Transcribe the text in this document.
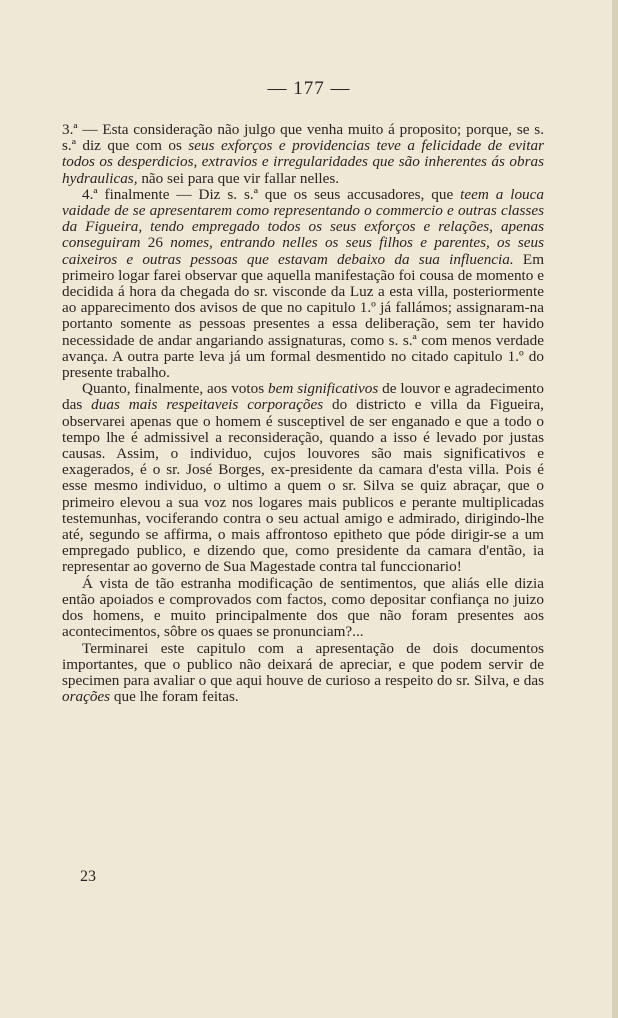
— 177 —

3.ª — Esta consideração não julgo que venha muito á proposito; porque, se s. s.ª diz que com os seus exforços e providencias teve a felicidade de evitar todos os desperdicios, extravios e irregularidades que são inherentes ás obras hydraulicas, não sei para que vir fallar nelles.

4.ª finalmente — Diz s. s.ª que os seus accusadores, que teem a louca vaidade de se apresentarem como representando o commercio e outras classes da Figueira, tendo empregado todos os seus exforços e relações, apenas conseguiram 26 nomes, entrando nelles os seus filhos e parentes, os seus caixeiros e outras pessoas que estavam debaixo da sua influencia. Em primeiro logar farei observar que aquella manifestação foi cousa de momento e decidida á hora da chegada do sr. visconde da Luz a esta villa, posteriormente ao apparecimento dos avisos de que no capitulo 1.º já fallámos; assignaram-na portanto somente as pessoas presentes a essa deliberação, sem ter havido necessidade de andar angariando assignaturas, como s. s.ª com menos verdade avança. A outra parte leva já um formal desmentido no citado capitulo 1.º do presente trabalho.

Quanto, finalmente, aos votos bem significativos de louvor e agradecimento das duas mais respeitaveis corporações do districto e villa da Figueira, observarei apenas que o homem é susceptivel de ser enganado e que a todo o tempo lhe é admissivel a reconsideração, quando a isso é levado por justas causas. Assim, o individuo, cujos louvores são mais significativos e exagerados, é o sr. José Borges, ex-presidente da camara d'esta villa. Pois é esse mesmo individuo, o ultimo a quem o sr. Silva se quiz abraçar, que o primeiro elevou a sua voz nos logares mais publicos e perante multiplicadas testemunhas, vociferando contra o seu actual amigo e admirado, dirigindo-lhe até, segundo se affirma, o mais affrontoso epitheto que póde dirigir-se a um empregado publico, e dizendo que, como presidente da camara d'então, ia representar ao governo de Sua Magestade contra tal funccionario!

Á vista de tão estranha modificação de sentimentos, que aliás elle dizia então apoiados e comprovados com factos, como depositar confiança no juizo dos homens, e muito principalmente dos que não foram presentes aos acontecimentos, sôbre os quaes se pronunciam?...

Terminarei este capitulo com a apresentação de dois documentos importantes, que o publico não deixará de apreciar, e que podem servir de specimen para avaliar o que aqui houve de curioso a respeito do sr. Silva, e das orações que lhe foram feitas.

23
